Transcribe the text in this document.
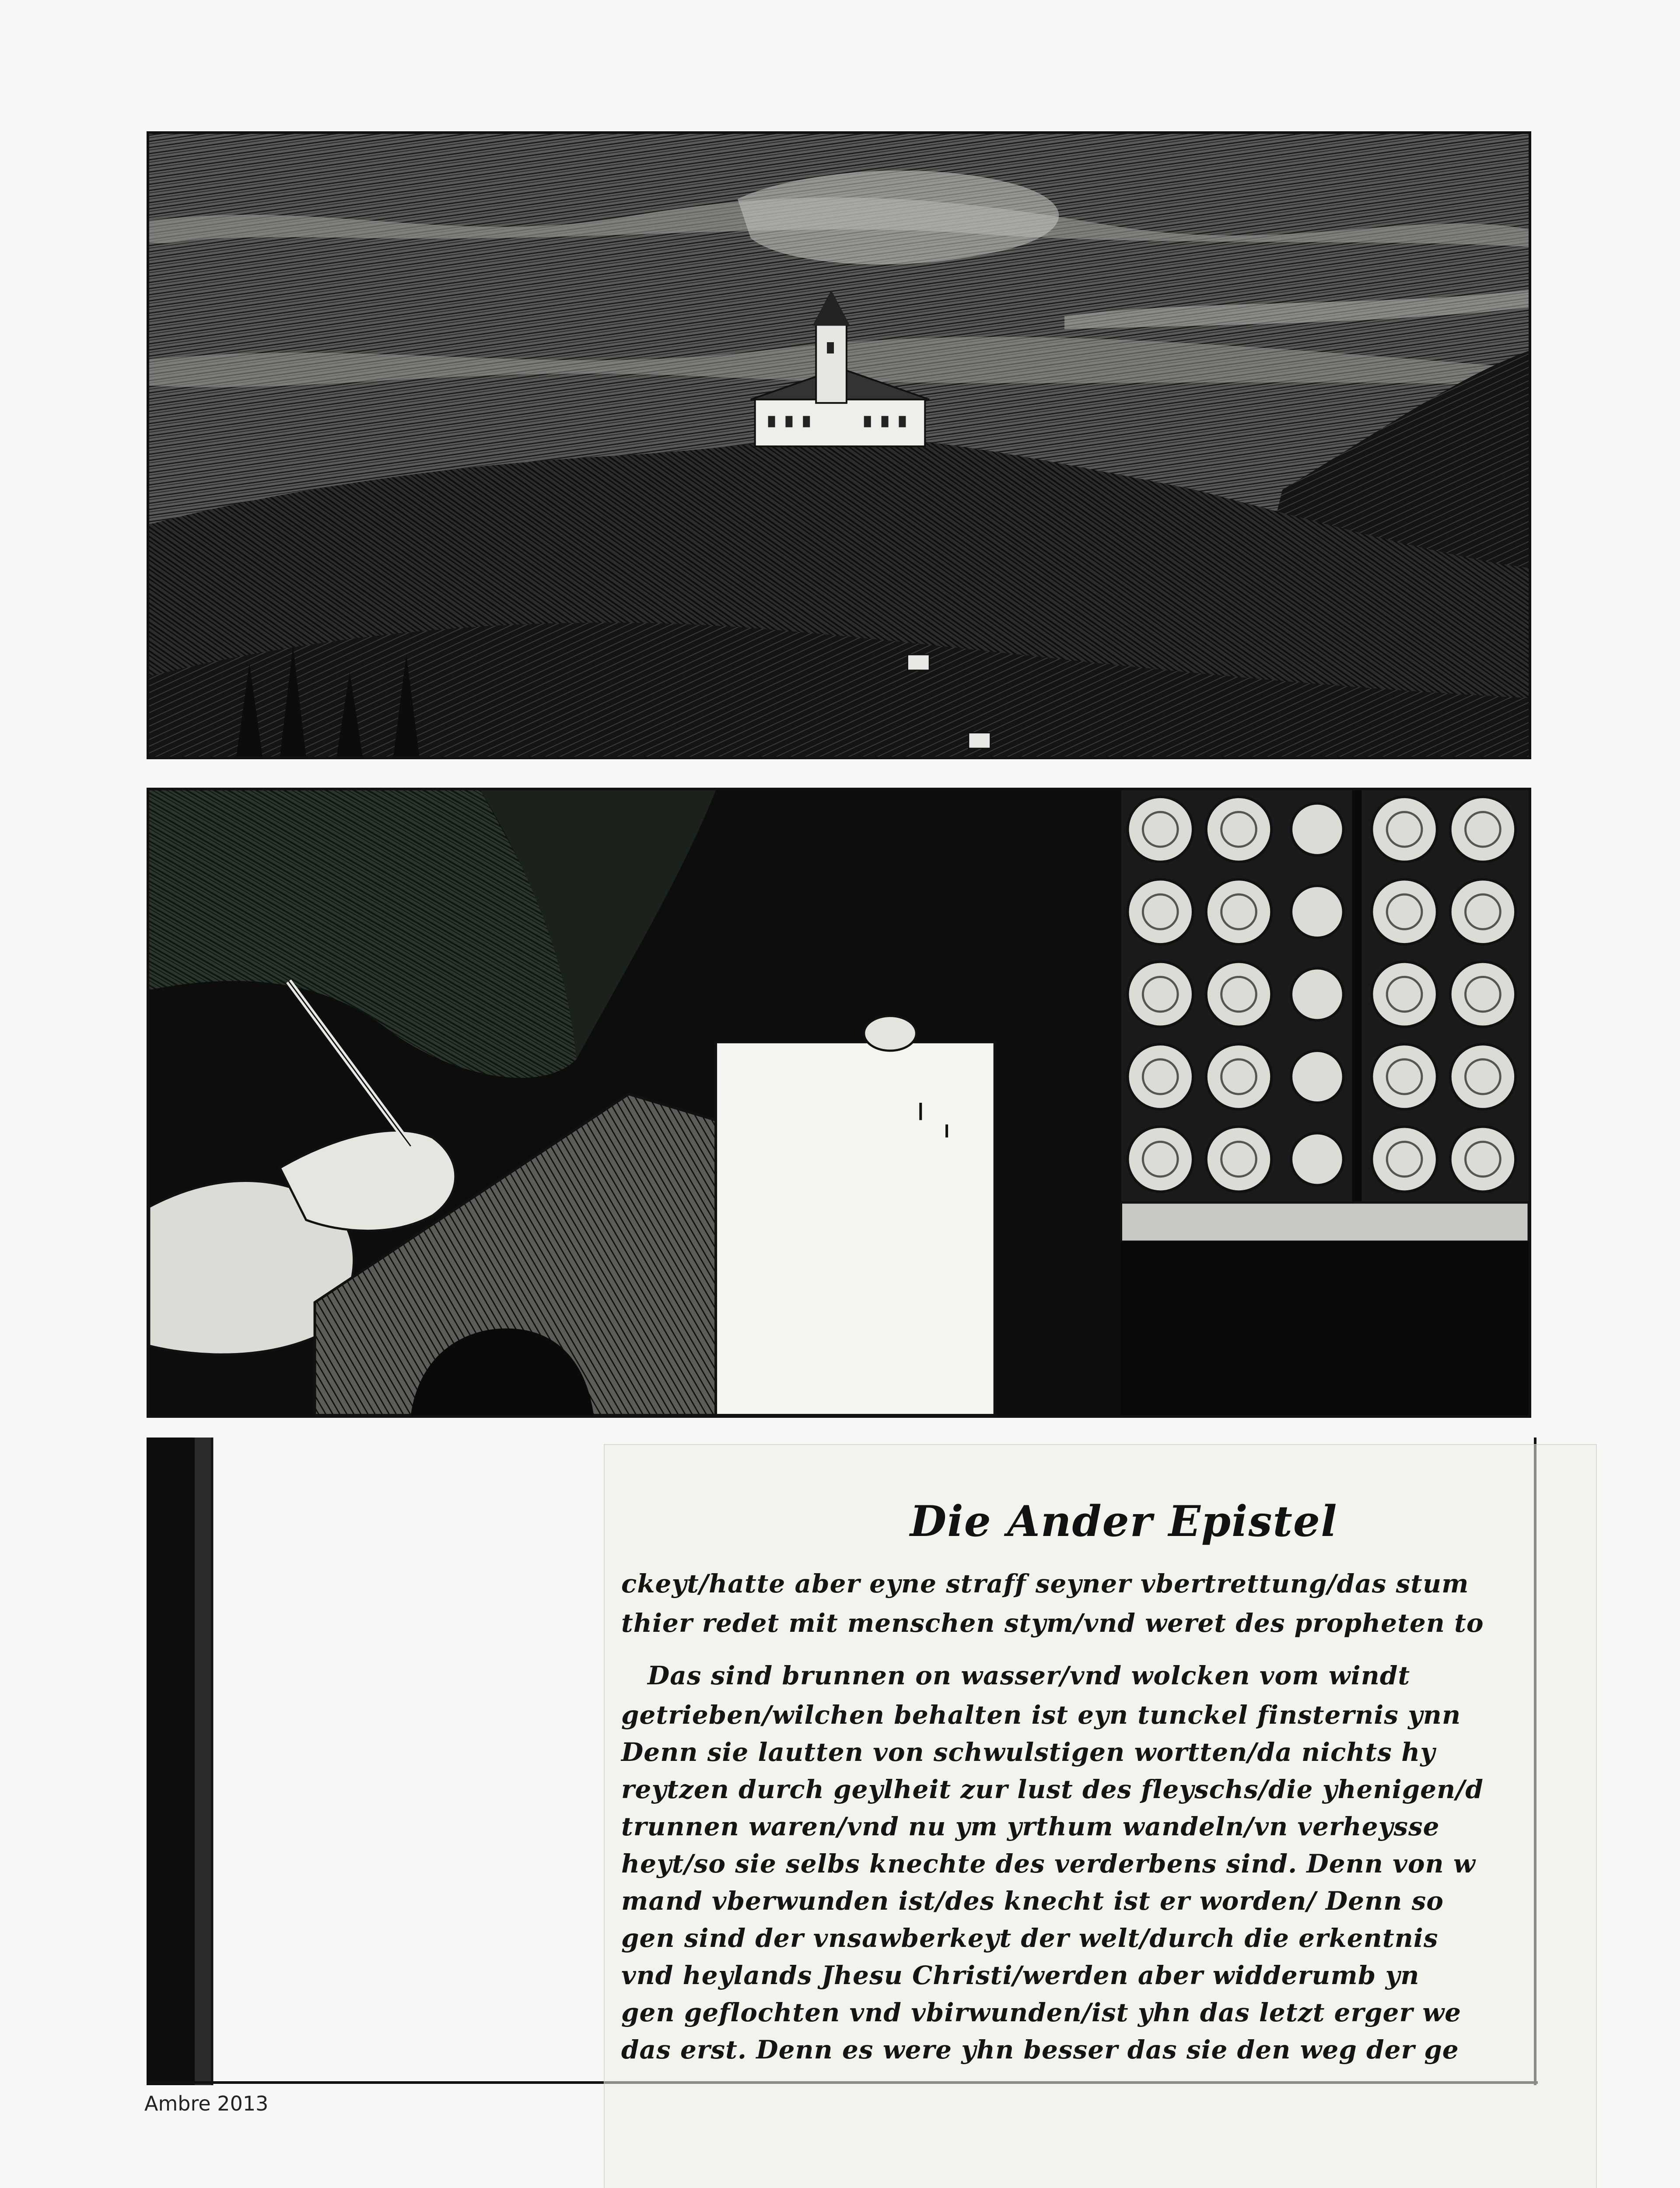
Die Ander Epistel
ckeyt/hatte aber eyne straff seyner vbertrettung/das stum
thier redet mit menschen stym/vnd weret des propheten to
Das sind brunnen on wasser/vnd wolcken vom windt
getrieben/wilchen behalten ist eyn tunckel finsternis ynn
Denn sie lautten von schwulstigen wortten/da nichts hy
reytzen durch geylheit zur lust des fleyschs/die yhenigen/d
trunnen waren/vnd nu ym yrthum wandeln/vn verheysse
heyt/so sie selbs knechte des verderbens sind. Denn von w
mand vberwunden ist/des knecht ist er worden/ Denn so
gen sind der vnsawberkeyt der welt/durch die erkentnis
vnd heylands Jhesu Christi/werden aber widderumb yn
gen geflochten vnd vbirwunden/ist yhn das letzt erger we
das erst. Denn es were yhn besser das sie den weg der ge
Ambre 2013
